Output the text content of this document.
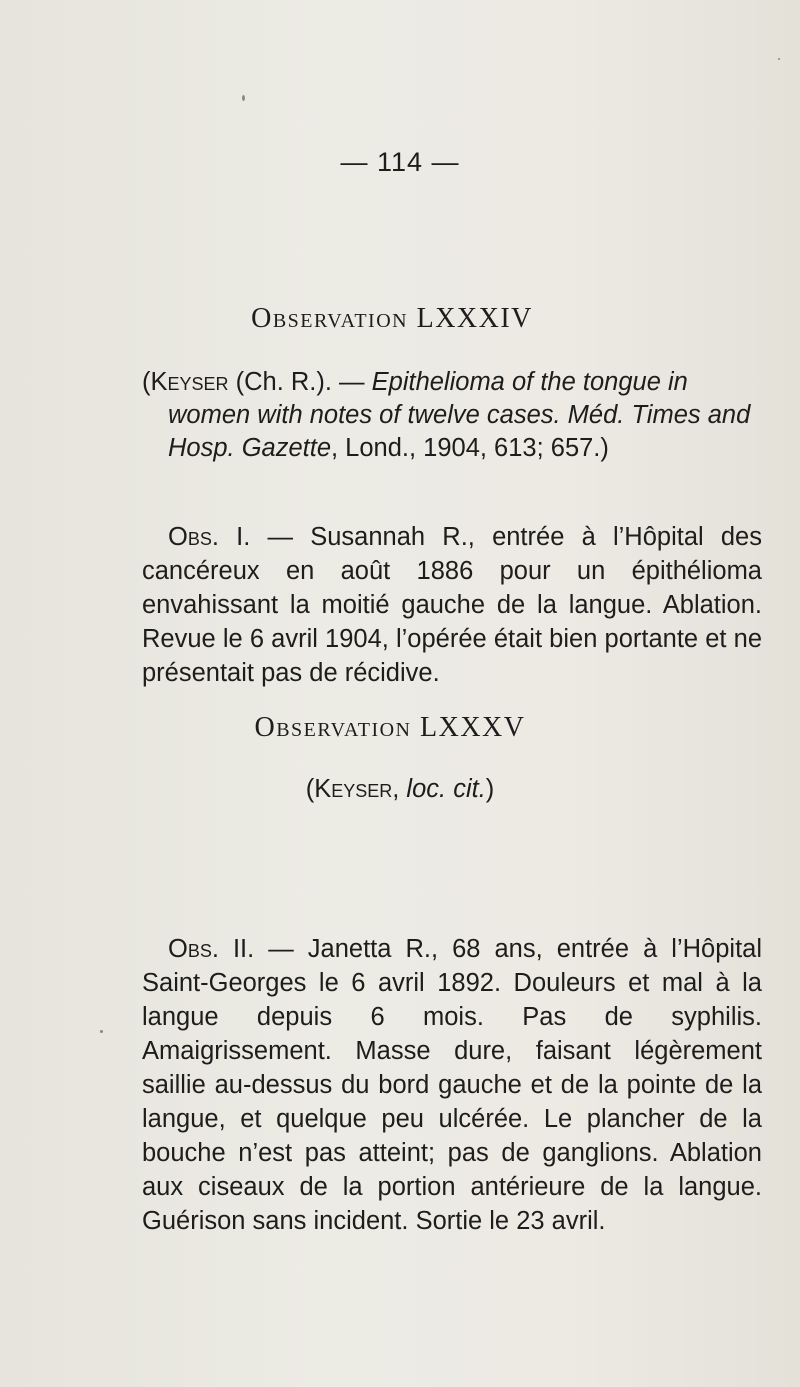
— 114 —
Observation LXXXIV
(Keyser (Ch. R.). — Epithelioma of the tongue in
women with notes of twelve cases. Méd. Times and
Hosp. Gazette, Lond., 1904, 613; 657.)

Obs. I. — Susannah R., entrée à l’Hôpital des cancéreux en août 1886 pour un épithélioma envahissant la moitié gauche de la langue. Ablation. Revue le 6 avril 1904, l’opérée était bien portante et ne présentait pas de récidive.

Observation LXXXV
(Keyser, loc. cit.)

Obs. II. — Janetta R., 68 ans, entrée à l’Hôpital Saint-Georges le 6 avril 1892. Douleurs et mal à la langue depuis 6 mois. Pas de syphilis. Amaigrissement. Masse dure, faisant légèrement saillie au-dessus du bord gauche et de la pointe de la langue, et quelque peu ulcérée. Le plancher de la bouche n’est pas atteint; pas de ganglions. Ablation aux ciseaux de la portion antérieure de la langue. Guérison sans incident. Sortie le 23 avril.
